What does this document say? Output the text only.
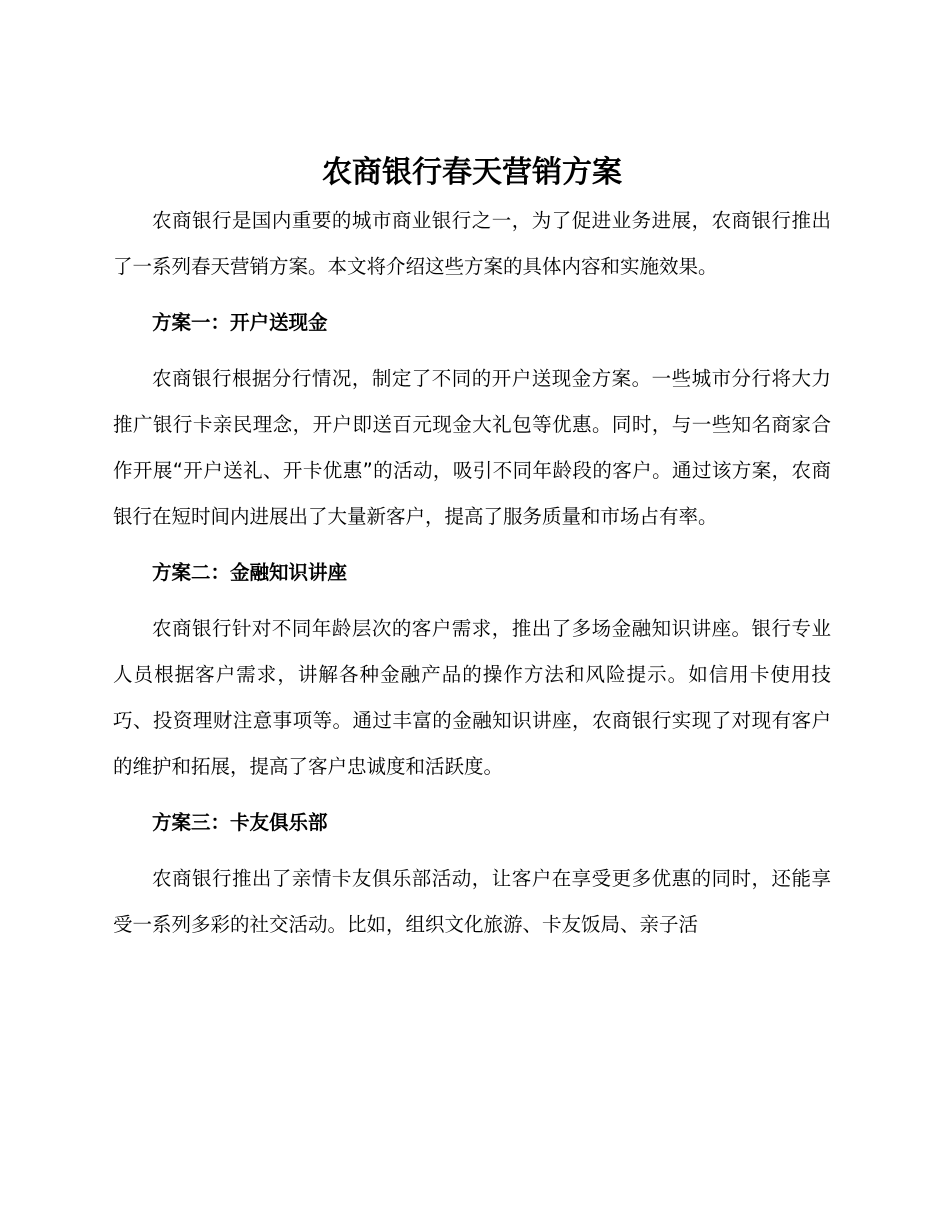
农商银行春天营销方案

农商银行是国内重要的城市商业银行之一，为了促进业务进展，农商银行推出了一系列春天营销方案。本文将介绍这些方案的具体内容和实施效果。

方案一：开户送现金

农商银行根据分行情况，制定了不同的开户送现金方案。一些城市分行将大力推广银行卡亲民理念，开户即送百元现金大礼包等优惠。同时，与一些知名商家合作开展“开户送礼、开卡优惠”的活动，吸引不同年龄段的客户。通过该方案，农商银行在短时间内进展出了大量新客户，提高了服务质量和市场占有率。

方案二：金融知识讲座

农商银行针对不同年龄层次的客户需求，推出了多场金融知识讲座。银行专业人员根据客户需求，讲解各种金融产品的操作方法和风险提示。如信用卡使用技巧、投资理财注意事项等。通过丰富的金融知识讲座，农商银行实现了对现有客户的维护和拓展，提高了客户忠诚度和活跃度。

方案三：卡友俱乐部

农商银行推出了亲情卡友俱乐部活动，让客户在享受更多优惠的同时，还能享受一系列多彩的社交活动。比如，组织文化旅游、卡友饭局、亲子活
